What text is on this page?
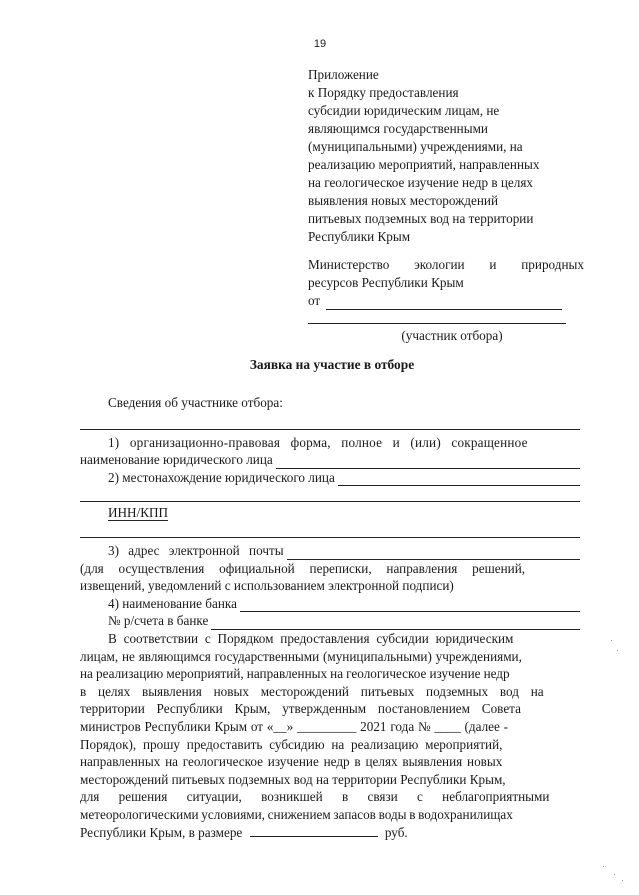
19
Приложение
к Порядку предоставления
субсидии юридическим лицам, не
являющимся государственными
(муниципальными) учреждениями, на
реализацию мероприятий, направленных
на геологическое изучение недр в целях
выявления новых месторождений
питьевых подземных вод на территории
Республики Крым
Министерство экологии и природных
ресурсов Республики Крым
от
(участник отбора)
Заявка на участие в отборе
Сведения об участнике отбора:
1) организационно-правовая форма, полное и (или) сокращенное
наименование юридического лица
2) местонахождение юридического лица
ИНН/КПП
3) адрес электронной почты
(для осуществления официальной переписки, направления решений,
извещений, уведомлений с использованием электронной подписи)
4) наименование банка
№ р/счета в банке
В соответствии с Порядком предоставления субсидии юридическим
лицам, не являющимся государственными (муниципальными) учреждениями,
на реализацию мероприятий, направленных на геологическое изучение недр
в целях выявления новых месторождений питьевых подземных вод на
территории Республики Крым, утвержденным постановлением Совета
министров Республики Крым от «__» _________ 2021 года № ____ (далее -
Порядок), прошу предоставить субсидию на реализацию мероприятий,
направленных на геологическое изучение недр в целях выявления новых
месторождений питьевых подземных вод на территории Республики Крым,
для решения ситуации, возникшей в связи с неблагоприятными
метеорологическими условиями, снижением запасов воды в водохранилищах
Республики Крым, в размере	руб.
